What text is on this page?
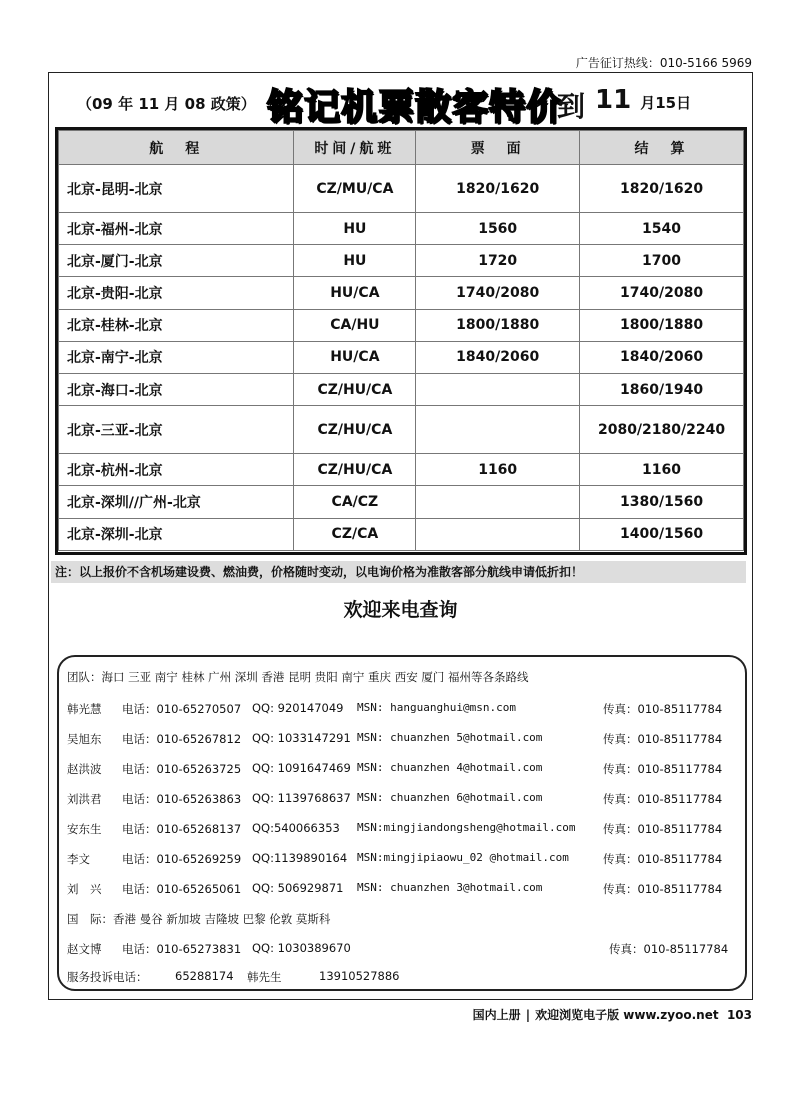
广告征订热线：010-5166 5969
（09 年 11 月 08 政策） 铭记机票散客特价
到 11 月15日
航　程	时间/航班	票　面	结　算
北京-昆明-北京	CZ/MU/CA	1820/1620	1820/1620
北京-福州-北京	HU	1560	1540
北京-厦门-北京	HU	1720	1700
北京-贵阳-北京	HU/CA	1740/2080	1740/2080
北京-桂林-北京	CA/HU	1800/1880	1800/1880
北京-南宁-北京	HU/CA	1840/2060	1840/2060
北京-海口-北京	CZ/HU/CA		1860/1940
北京-三亚-北京	CZ/HU/CA		2080/2180/2240
北京-杭州-北京	CZ/HU/CA	1160	1160
北京-深圳//广州-北京	CA/CZ		1380/1560
北京-深圳-北京	CZ/CA		1400/1560
注：以上报价不含机场建设费、燃油费，价格随时变动，以电询价格为准散客部分航线申请低折扣！
欢迎来电查询
团队：海口 三亚 南宁 桂林 广州 深圳 香港 昆明 贵阳 南宁 重庆 西安 厦门 福州等各条路线
韩光慧 电话：010-65270507 QQ: 920147049 MSN: hanguanghui@msn.com	传真：010-85117784
吴旭东 电话：010-65267812 QQ: 1033147291 MSN: chuanzhen 5@hotmail.com	传真：010-85117784
赵洪波 电话：010-65263725 QQ: 1091647469 MSN: chuanzhen 4@hotmail.com	传真：010-85117784
刘洪君 电话：010-65263863 QQ: 1139768637 MSN: chuanzhen 6@hotmail.com	传真：010-85117784
安东生 电话：010-65268137 QQ:540066353 MSN:mingjiandongsheng@hotmail.com 传真：010-85117784
李文	电话：010-65269259 QQ:1139890164 MSN:mingjipiaowu_02 @hotmail.com	传真：010-85117784
刘　兴 电话：010-65265061 QQ: 506929871 MSN: chuanzhen 3@hotmail.com	传真：010-85117784
国　际：香港 曼谷 新加坡 吉隆坡 巴黎 伦敦 莫斯科
赵文博 电话：010-65273831 QQ: 1030389670	传真：010-85117784
服务投诉电话： 65288174 韩先生	13910527886
国内上册 | 欢迎浏览电子版 www.zyoo.net 103
